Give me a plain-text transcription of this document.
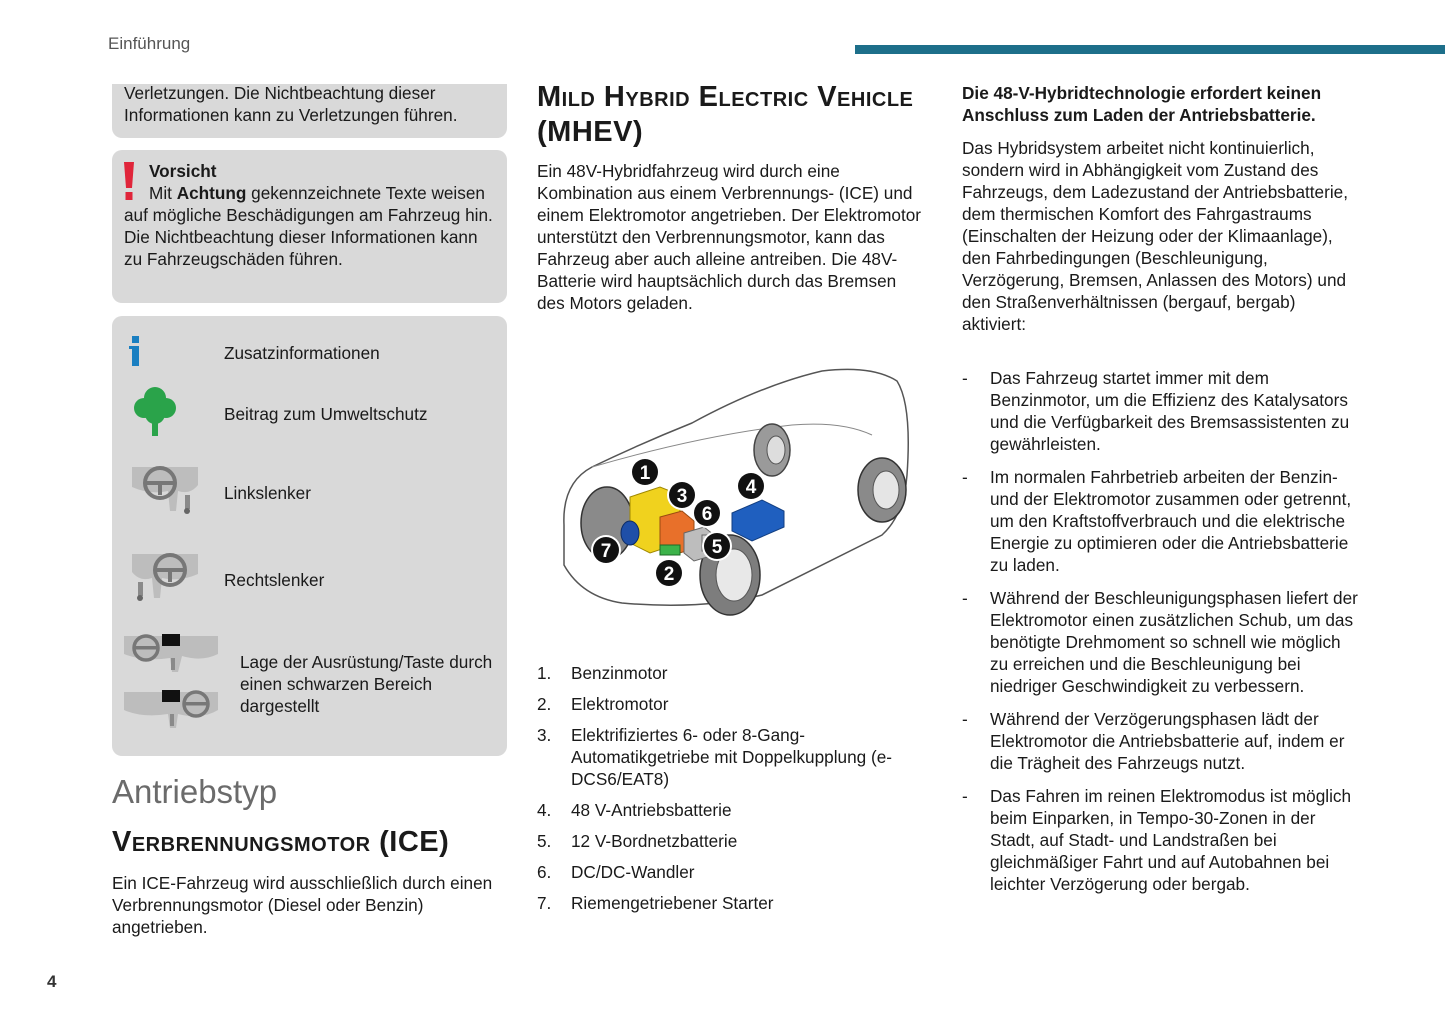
Einführung
Verletzungen. Die Nichtbeachtung dieser Informationen kann zu Verletzungen führen.
Vorsicht
Mit Achtung gekennzeichnete Texte weisen auf mögliche Beschädigungen am Fahrzeug hin. Die Nichtbeachtung dieser Informationen kann zu Fahrzeugschäden führen.
Zusatzinformationen
Beitrag zum Umweltschutz
Linkslenker
Rechtslenker
Lage der Ausrüstung/Taste durch einen schwarzen Bereich dargestellt
Antriebstyp
Verbrennungsmotor (ICE)
Ein ICE-Fahrzeug wird ausschließlich durch einen Verbrennungsmotor (Diesel oder Benzin) angetrieben.
Mild Hybrid Electric Vehicle (MHEV)
Ein 48V-Hybridfahrzeug wird durch eine Kombination aus einem Verbrennungs- (ICE) und einem Elektromotor angetrieben. Der Elektromotor unterstützt den Verbrennungsmotor, kann das Fahrzeug aber auch alleine antreiben. Die 48V-Batterie wird hauptsächlich durch das Bremsen des Motors geladen.
1
3
6
4
5
7
2
1. Benzinmotor
2. Elektromotor
3. Elektrifiziertes 6- oder 8-Gang-Automatikgetriebe mit Doppelkupplung (e-DCS6/EAT8)
4. 48 V-Antriebsbatterie
5. 12 V-Bordnetzbatterie
6. DC/DC-Wandler
7. Riemengetriebener Starter
Die 48-V-Hybridtechnologie erfordert keinen Anschluss zum Laden der Antriebsbatterie.
Das Hybridsystem arbeitet nicht kontinuierlich, sondern wird in Abhängigkeit vom Zustand des Fahrzeugs, dem Ladezustand der Antriebsbatterie, dem thermischen Komfort des Fahrgastraums (Einschalten der Heizung oder der Klimaanlage), den Fahrbedingungen (Beschleunigung, Verzögerung, Bremsen, Anlassen des Motors) und den Straßenverhältnissen (bergauf, bergab) aktiviert:
- Das Fahrzeug startet immer mit dem Benzinmotor, um die Effizienz des Katalysators und die Verfügbarkeit des Bremsassistenten zu gewährleisten.
- Im normalen Fahrbetrieb arbeiten der Benzin- und der Elektromotor zusammen oder getrennt, um den Kraftstoffverbrauch und die elektrische Energie zu optimieren oder die Antriebsbatterie zu laden.
- Während der Beschleunigungsphasen liefert der Elektromotor einen zusätzlichen Schub, um das benötigte Drehmoment so schnell wie möglich zu erreichen und die Beschleunigung bei niedriger Geschwindigkeit zu verbessern.
- Während der Verzögerungsphasen lädt der Elektromotor die Antriebsbatterie auf, indem er die Trägheit des Fahrzeugs nutzt.
- Das Fahren im reinen Elektromodus ist möglich beim Einparken, in Tempo-30-Zonen in der Stadt, auf Stadt- und Landstraßen bei gleichmäßiger Fahrt und auf Autobahnen bei leichter Verzögerung oder bergab.
4
